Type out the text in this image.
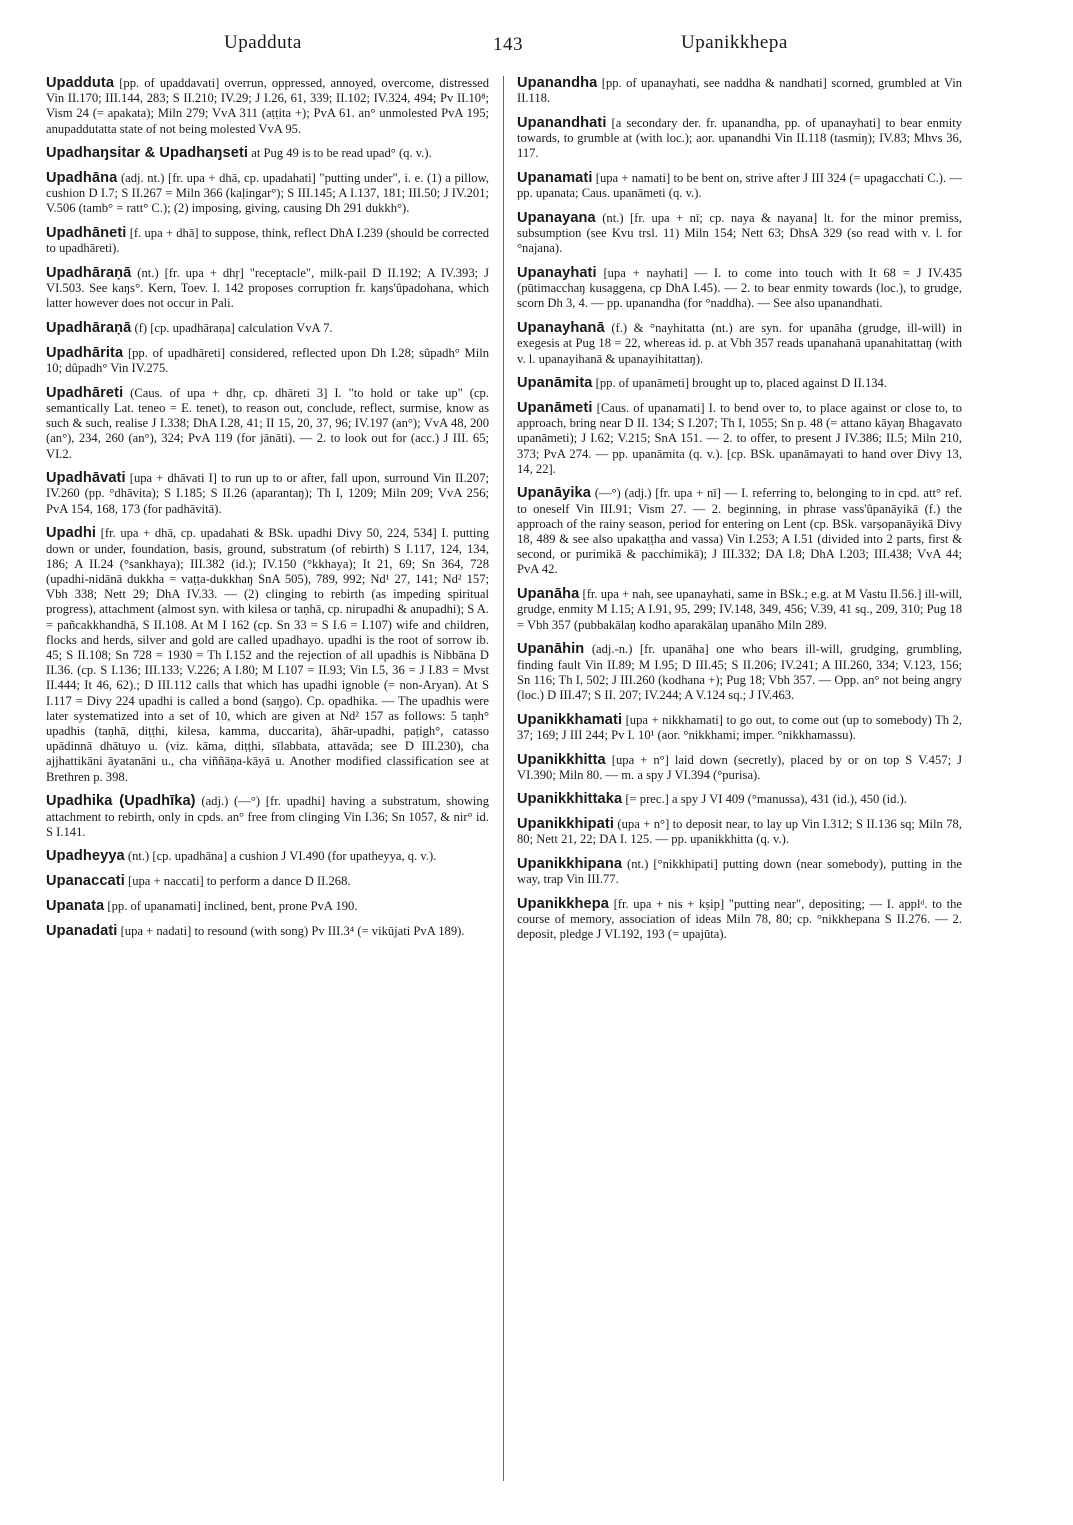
Upadduta	143	Upanikkhepa

Upadduta [pp. of upaddavati] overrun, oppressed, annoyed, overcome, distressed Vin II.170; III.144, 283; S II.210; IV.29; J I.26, 61, 339; II.102; IV.324, 494; Pv II.10⁸; Vism 24 (= apakata); Miln 279; VvA 311 (aṭṭita +); PvA 61. an° unmolested PvA 195; anupaddutatta state of not being molested VvA 95.

Upadhaŋsitar & Upadhaŋseti at Pug 49 is to be read upad° (q. v.).

Upadhāna (adj. nt.) [fr. upa + dhā, cp. upadahati] "putting under", i. e. (1) a pillow, cushion D I.7; S II.267 = Miln 366 (kaḷingar°); S III.145; A I.137, 181; III.50; J IV.201; V.506 (tamb° = ratt° C.); (2) imposing, giving, causing Dh 291 dukkh°).

Upadhāneti [f. upa + dhā] to suppose, think, reflect DhA I.239 (should be corrected to upadhāreti).

Upadhāraṇā (nt.) [fr. upa + dhṛ] "receptacle", milk-pail D II.192; A IV.393; J VI.503. See kaŋs°. Kern, Toev. I. 142 proposes corruption fr. kaŋs'ûpadohana, which latter however does not occur in Pali.

Upadhāraṇā (f) [cp. upadhāraṇa] calculation VvA 7.

Upadhārita [pp. of upadhāreti] considered, reflected upon Dh I.28; sûpadh° Miln 10; dûpadh° Vin IV.275.

Upadhāreti (Caus. of upa + dhṛ, cp. dhāreti 3] I. "to hold or take up" (cp. semantically Lat. teneo = E. tenet), to reason out, conclude, reflect, surmise, know as such & such, realise J I.338; DhA I.28, 41; II 15, 20, 37, 96; IV.197 (an°); VvA 48, 200 (an°), 234, 260 (an°), 324; PvA 119 (for jānāti). — 2. to look out for (acc.) J III. 65; VI.2.

Upadhāvati [upa + dhāvati I] to run up to or after, fall upon, surround Vin II.207; IV.260 (pp. °dhāvita); S I.185; S II.26 (aparantaŋ); Th I, 1209; Miln 209; VvA 256; PvA 154, 168, 173 (for padhāvitā).

Upadhi [fr. upa + dhā, cp. upadahati & BSk. upadhi Divy 50, 224, 534] I. putting down or under, foundation, basis, ground, substratum (of rebirth) S I.117, 124, 134, 186; A II.24 (°sankhaya); III.382 (id.); IV.150 (°kkhaya); It 21, 69; Sn 364, 728 (upadhi-nidānā dukkha = vaṭṭa-dukkhaŋ SnA 505), 789, 992; Nd¹ 27, 141; Nd² 157; Vbh 338; Nett 29; DhA IV.33. — (2) clinging to rebirth (as impeding spiritual progress), attachment (almost syn. with kilesa or taṇhā, cp. nirupadhi & anupadhi); S A. = pañcakkhandhā, S II.108. At M I 162 (cp. Sn 33 = S I.6 = I.107) wife and children, flocks and herds, silver and gold are called upadhayo. upadhi is the root of sorrow ib. 45; S II.108; Sn 728 = 1930 = Th I.152 and the rejection of all upadhis is Nibbāna D II.36. (cp. S I.136; III.133; V.226; A I.80; M I.107 = II.93; Vin I.5, 36 = J I.83 = Mvst II.444; It 46, 62).; D III.112 calls that which has upadhi ignoble (= non-Aryan). At S I.117 = Divy 224 upadhi is called a bond (saŋgo). Cp. opadhika. — The upadhis were later systematized into a set of 10, which are given at Nd² 157 as follows: 5 taṇh° upadhis (taṇhā, diṭṭhi, kilesa, kamma, duccarita), āhār-upadhi, paṭigh°, catasso upādinnā dhātuyo u. (viz. kāma, diṭṭhi, sīlabbata, attavāda; see D III.230), cha ajjhattikāni āyatanāni u., cha viññāṇa-kāyā u. Another modified classification see at Brethren p. 398.

Upadhika (Upadhīka) (adj.) (—°) [fr. upadhi] having a substratum, showing attachment to rebirth, only in cpds. an° free from clinging Vin I.36; Sn 1057, & nir° id. S I.141.

Upadheyya (nt.) [cp. upadhāna] a cushion J VI.490 (for upatheyya, q. v.).

Upanaccati [upa + naccati] to perform a dance D II.268.

Upanata [pp. of upanamati] inclined, bent, prone PvA 190.

Upanadati [upa + nadati] to resound (with song) Pv III.3⁴ (= vikūjati PvA 189).

Upanandha [pp. of upanayhati, see naddha & nandhati] scorned, grumbled at Vin II.118.

Upanandhati [a secondary der. fr. upanandha, pp. of upanayhati] to bear enmity towards, to grumble at (with loc.); aor. upanandhi Vin II.118 (tasmiŋ); IV.83; Mhvs 36, 117.

Upanamati [upa + namati] to be bent on, strive after J III 324 (= upagacchati C.). — pp. upanata; Caus. upanāmeti (q. v.).

Upanayana (nt.) [fr. upa + nī; cp. naya & nayana] lt. for the minor premiss, subsumption (see Kvu trsl. 11) Miln 154; Nett 63; DhsA 329 (so read with v. l. for °najana).

Upanayhati [upa + nayhati] — I. to come into touch with It 68 = J IV.435 (pūtimacchaŋ kusaggena, cp DhA I.45). — 2. to bear enmity towards (loc.), to grudge, scorn Dh 3, 4. — pp. upanandha (for °naddha). — See also upanandhati.

Upanayhanā (f.) & °nayhitatta (nt.) are syn. for upanāha (grudge, ill-will) in exegesis at Pug 18 = 22, whereas id. p. at Vbh 357 reads upanahanā upanahitattaŋ (with v. l. upanayihanā & upanayihitattaŋ).

Upanāmita [pp. of upanāmeti] brought up to, placed against D II.134.

Upanāmeti [Caus. of upanamati] I. to bend over to, to place against or close to, to approach, bring near D II. 134; S I.207; Th I, 1055; Sn p. 48 (= attano kāyaŋ Bhagavato upanāmeti); J I.62; V.215; SnA 151. — 2. to offer, to present J IV.386; II.5; Miln 210, 373; PvA 274. — pp. upanāmita (q. v.). [cp. BSk. upanāmayati to hand over Divy 13, 14, 22].

Upanāyika (—°) (adj.) [fr. upa + nī] — I. referring to, belonging to in cpd. att° ref. to oneself Vin III.91; Vism 27. — 2. beginning, in phrase vass'ûpanāyikā (f.) the approach of the rainy season, period for entering on Lent (cp. BSk. varṣopanāyikā Divy 18, 489 & see also upakaṭṭha and vassa) Vin I.253; A I.51 (divided into 2 parts, first & second, or purimikā & pacchimikā); J III.332; DA I.8; DhA I.203; III.438; VvA 44; PvA 42.

Upanāha [fr. upa + nah, see upanayhati, same in BSk.; e.g. at M Vastu II.56.] ill-will, grudge, enmity M I.15; A I.91, 95, 299; IV.148, 349, 456; V.39, 41 sq., 209, 310; Pug 18 = Vbh 357 (pubbakālaŋ kodho aparakālaŋ upanāho Miln 289.

Upanāhin (adj.-n.) [fr. upanāha] one who bears ill-will, grudging, grumbling, finding fault Vin II.89; M I.95; D III.45; S II.206; IV.241; A III.260, 334; V.123, 156; Sn 116; Th I, 502; J III.260 (kodhana +); Pug 18; Vbh 357. — Opp. an° not being angry (loc.) D III.47; S II. 207; IV.244; A V.124 sq.; J IV.463.

Upanikkhamati [upa + nikkhamati] to go out, to come out (up to somebody) Th 2, 37; 169; J III 244; Pv I. 10¹ (aor. °nikkhami; imper. °nikkhamassu).

Upanikkhitta [upa + n°] laid down (secretly), placed by or on top S V.457; J VI.390; Miln 80. — m. a spy J VI.394 (°purisa).

Upanikkhittaka [= prec.] a spy J VI 409 (°manussa), 431 (id.), 450 (id.).

Upanikkhipati (upa + n°] to deposit near, to lay up Vin I.312; S II.136 sq; Miln 78, 80; Nett 21, 22; DA I. 125. — pp. upanikkhitta (q. v.).

Upanikkhipana (nt.) [°nikkhipati] putting down (near somebody), putting in the way, trap Vin III.77.

Upanikkhepa [fr. upa + nis + kṣip] "putting near", depositing; — I. applᵈ. to the course of memory, association of ideas Miln 78, 80; cp. °nikkhepana S II.276. — 2. deposit, pledge J VI.192, 193 (= upajūta).
